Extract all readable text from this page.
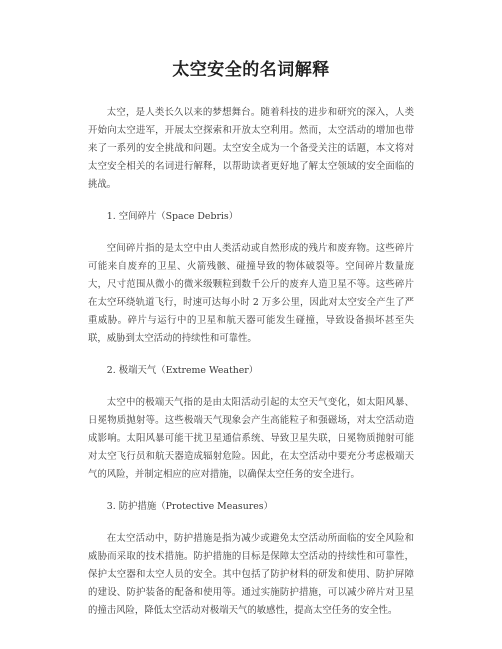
太空安全的名词解释

太空，是人类长久以来的梦想舞台。随着科技的进步和研究的深入，人类开始向太空进军，开展太空探索和开放太空利用。然而，太空活动的增加也带来了一系列的安全挑战和问题。太空安全成为一个备受关注的话题，本文将对太空安全相关的名词进行解释，以帮助读者更好地了解太空领域的安全面临的挑战。

1. 空间碎片（Space Debris）

空间碎片指的是太空中由人类活动或自然形成的残片和废弃物。这些碎片可能来自废弃的卫星、火箭残骸、碰撞导致的物体破裂等。空间碎片数量庞大，尺寸范围从微小的微米级颗粒到数千公斤的废弃人造卫星不等。这些碎片在太空环绕轨道飞行，时速可达每小时 2 万多公里，因此对太空安全产生了严重威胁。碎片与运行中的卫星和航天器可能发生碰撞，导致设备损坏甚至失联，威胁到太空活动的持续性和可靠性。

2. 极端天气（Extreme Weather）

太空中的极端天气指的是由太阳活动引起的太空天气变化，如太阳风暴、日冕物质抛射等。这些极端天气现象会产生高能粒子和强磁场，对太空活动造成影响。太阳风暴可能干扰卫星通信系统、导致卫星失联，日冕物质抛射可能对太空飞行员和航天器造成辐射危险。因此，在太空活动中要充分考虑极端天气的风险，并制定相应的应对措施，以确保太空任务的安全进行。

3. 防护措施（Protective Measures）

在太空活动中，防护措施是指为减少或避免太空活动所面临的安全风险和威胁而采取的技术措施。防护措施的目标是保障太空活动的持续性和可靠性，保护太空器和太空人员的安全。其中包括了防护材料的研发和使用、防护屏障的建设、防护装备的配备和使用等。通过实施防护措施，可以减少碎片对卫星的撞击风险，降低太空活动对极端天气的敏感性，提高太空任务的安全性。
